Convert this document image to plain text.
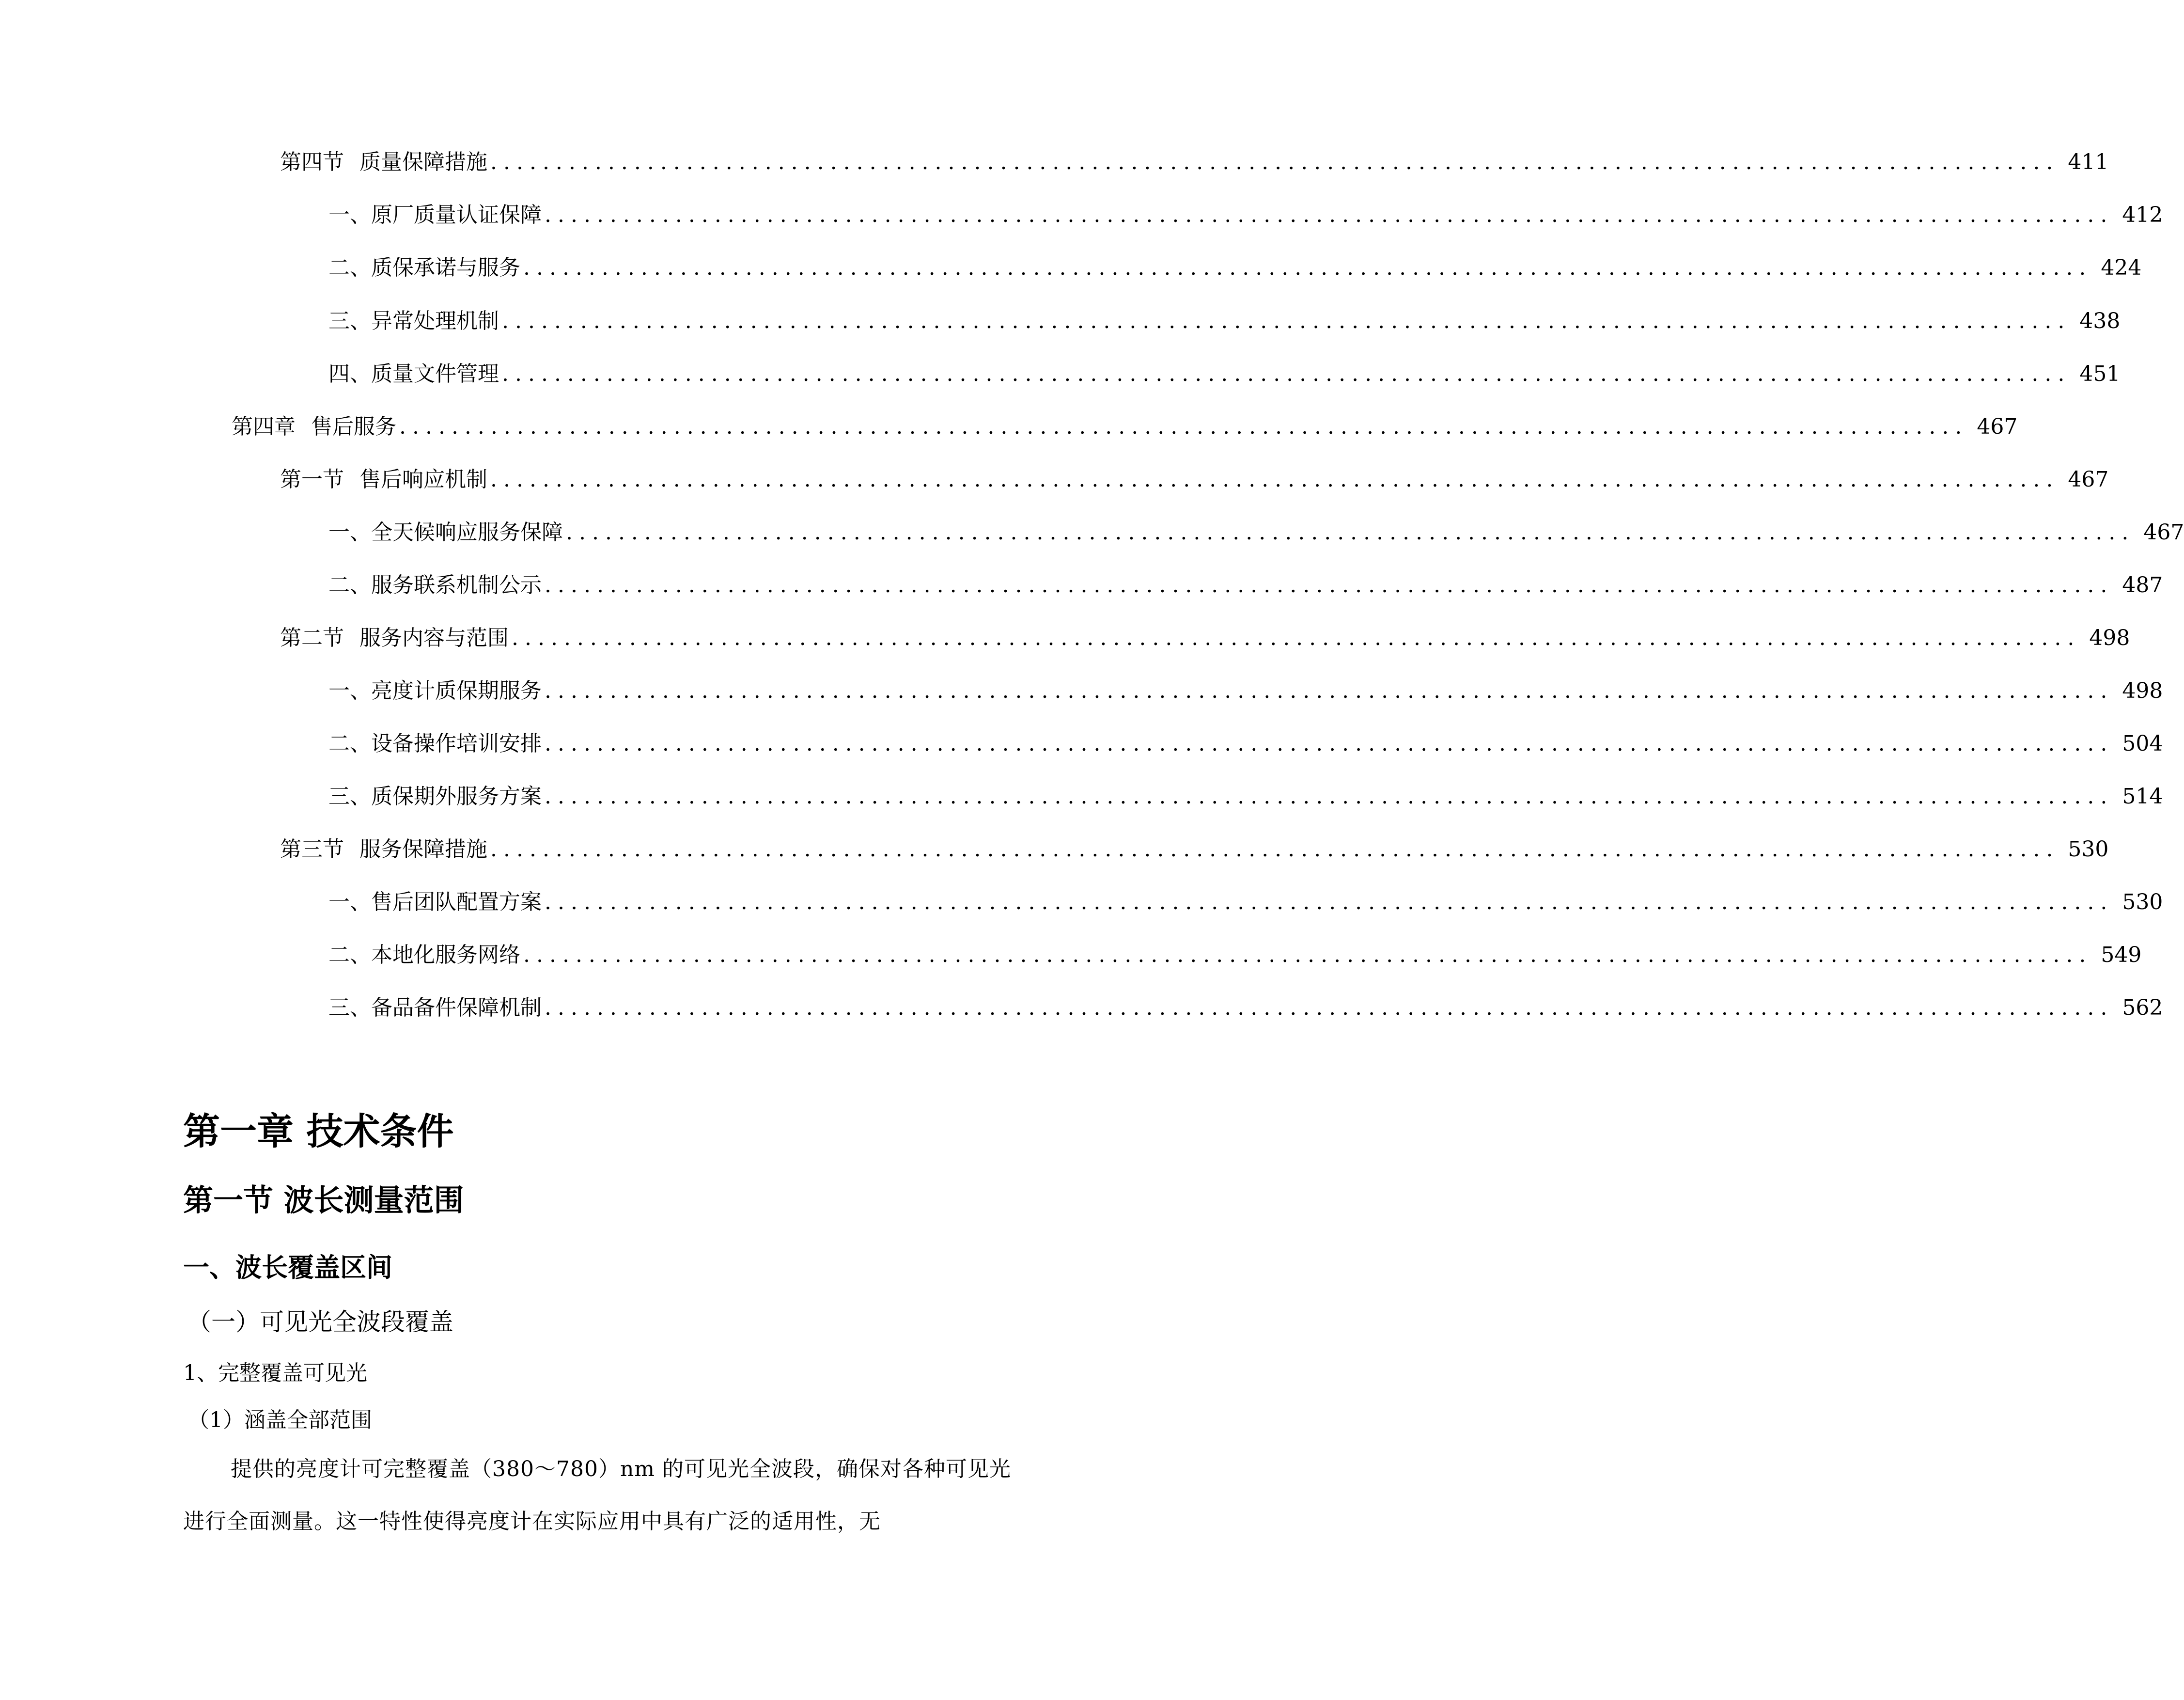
第四节 质量保障措施 ........................................................................................................................ 411
一、 原厂质量认证保障 ........................................................................................................................ 412
二、 质保承诺与服务 ........................................................................................................................ 424
三、 异常处理机制 ........................................................................................................................ 438
四、 质量文件管理 ........................................................................................................................ 451
第四章 售后服务 ........................................................................................................................ 467
第一节 售后响应机制 ........................................................................................................................ 467
一、 全天候响应服务保障 ........................................................................................................................ 467
二、 服务联系机制公示 ........................................................................................................................ 487
第二节 服务内容与范围 ........................................................................................................................ 498
一、 亮度计质保期服务 ........................................................................................................................ 498
二、 设备操作培训安排 ........................................................................................................................ 504
三、 质保期外服务方案 ........................................................................................................................ 514
第三节 服务保障措施 ........................................................................................................................ 530
一、 售后团队配置方案 ........................................................................................................................ 530
二、 本地化服务网络 ........................................................................................................................ 549
三、 备品备件保障机制 ........................................................................................................................ 562
第一章 技术条件
第一节 波长测量范围
一、波长覆盖区间
（一）可见光全波段覆盖
1、完整覆盖可见光
（1）涵盖全部范围
提供的亮度计可完整覆盖（380～780）nm 的可见光全波段，确保对各种可见光进行全面测量。这一特性使得亮度计在实际应用中具有广泛的适用性，无
